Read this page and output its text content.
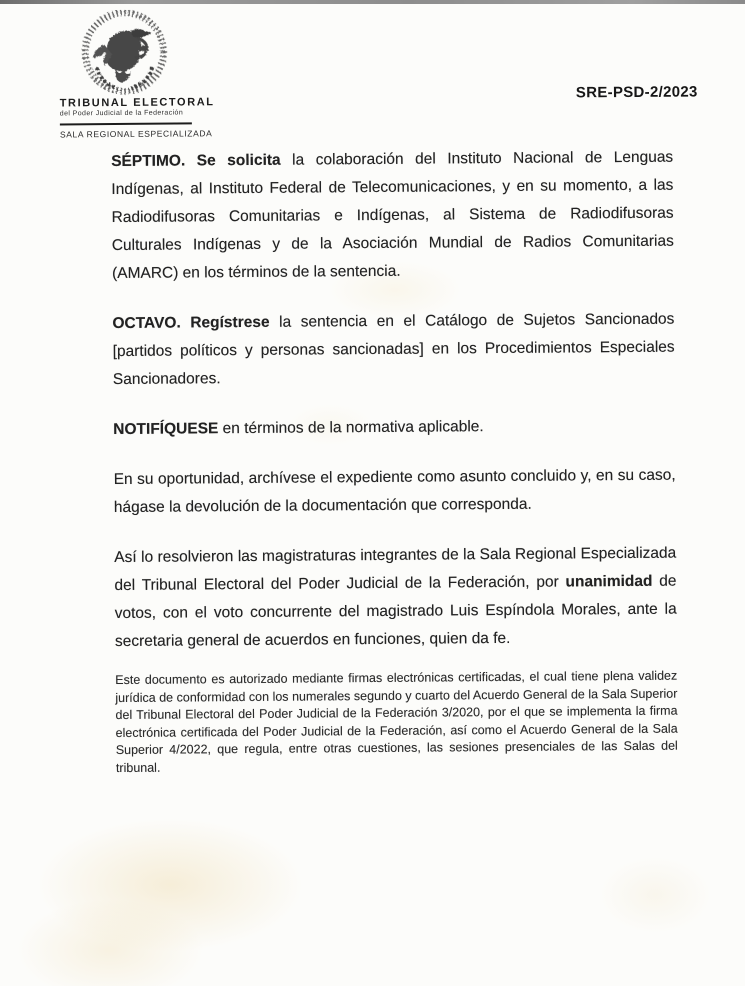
TRIBUNAL ELECTORAL
del Poder Judicial de la Federación
SALA REGIONAL ESPECIALIZADA
SRE-PSD-2/2023

SÉPTIMO. Se solicita la colaboración del Instituto Nacional de Lenguas Indígenas, al Instituto Federal de Telecomunicaciones, y en su momento, a las Radiodifusoras Comunitarias e Indígenas, al Sistema de Radiodifusoras Culturales Indígenas y de la Asociación Mundial de Radios Comunitarias (AMARC) en los términos de la sentencia.

OCTAVO. Regístrese la sentencia en el Catálogo de Sujetos Sancionados [partidos políticos y personas sancionadas] en los Procedimientos Especiales Sancionadores.

NOTIFÍQUESE en términos de la normativa aplicable.

En su oportunidad, archívese el expediente como asunto concluido y, en su caso, hágase la devolución de la documentación que corresponda.

Así lo resolvieron las magistraturas integrantes de la Sala Regional Especializada del Tribunal Electoral del Poder Judicial de la Federación, por unanimidad de votos, con el voto concurrente del magistrado Luis Espíndola Morales, ante la secretaria general de acuerdos en funciones, quien da fe.

Este documento es autorizado mediante firmas electrónicas certificadas, el cual tiene plena validez jurídica de conformidad con los numerales segundo y cuarto del Acuerdo General de la Sala Superior del Tribunal Electoral del Poder Judicial de la Federación 3/2020, por el que se implementa la firma electrónica certificada del Poder Judicial de la Federación, así como el Acuerdo General de la Sala Superior 4/2022, que regula, entre otras cuestiones, las sesiones presenciales de las Salas del tribunal.
